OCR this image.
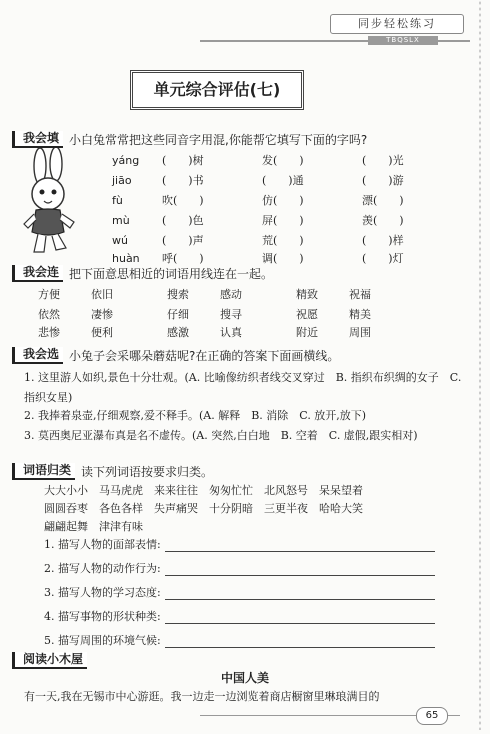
同步轻松练习
TBQSLX
单元综合评估(七)
我会填 小白兔常常把这些同音字用混,你能帮它填写下面的字吗?
yáng	(　　)树	发(　　)	(　　)光
jiāo	(　　)书	(　　)通	(　　)游
fù	吹(　　)	仿(　　)	漂(　　)
mù	(　　)色	屏(　　)	羡(　　)
wú	(　　)声	荒(　　)	(　　)样
huàn	呼(　　)	调(　　)	(　　)灯
我会连 把下面意思相近的词语用线连在一起。
方便	依旧	搜索	感动	精致	祝福
依然	凄惨	仔细	搜寻	祝愿	精美
悲惨	便利	感激	认真	附近	周围
我会选 小兔子会采哪朵蘑菇呢?在正确的答案下面画横线。
1. 这里游人如织,景色十分壮观。(A. 比喻像纺织者线交叉穿过　B. 指织布织绸的女子　C. 指织女星)
2. 我捧着泉壶,仔细观察,爱不释手。(A. 解释　B. 消除　C. 放开,放下)
3. 莫西奥尼亚瀑布真是名不虚传。(A. 突然,白白地　B. 空着　C. 虚假,跟实相对)
词语归类 读下列词语按要求归类。
大大小小　马马虎虎　来来往往　匆匆忙忙　北风怒号　呆呆望着
圆圆吞枣　各色各样　失声痛哭　十分阴暗　三更半夜　哈哈大笑
翩翩起舞　津津有味
1. 描写人物的面部表情:
2. 描写人物的动作行为:
3. 描写人物的学习态度:
4. 描写事物的形状种类:
5. 描写周围的环境气候:
阅读小木屋
中国人美
有一天,我在无锡市中心游逛。我一边走一边浏览着商店橱窗里琳琅满目的
65
